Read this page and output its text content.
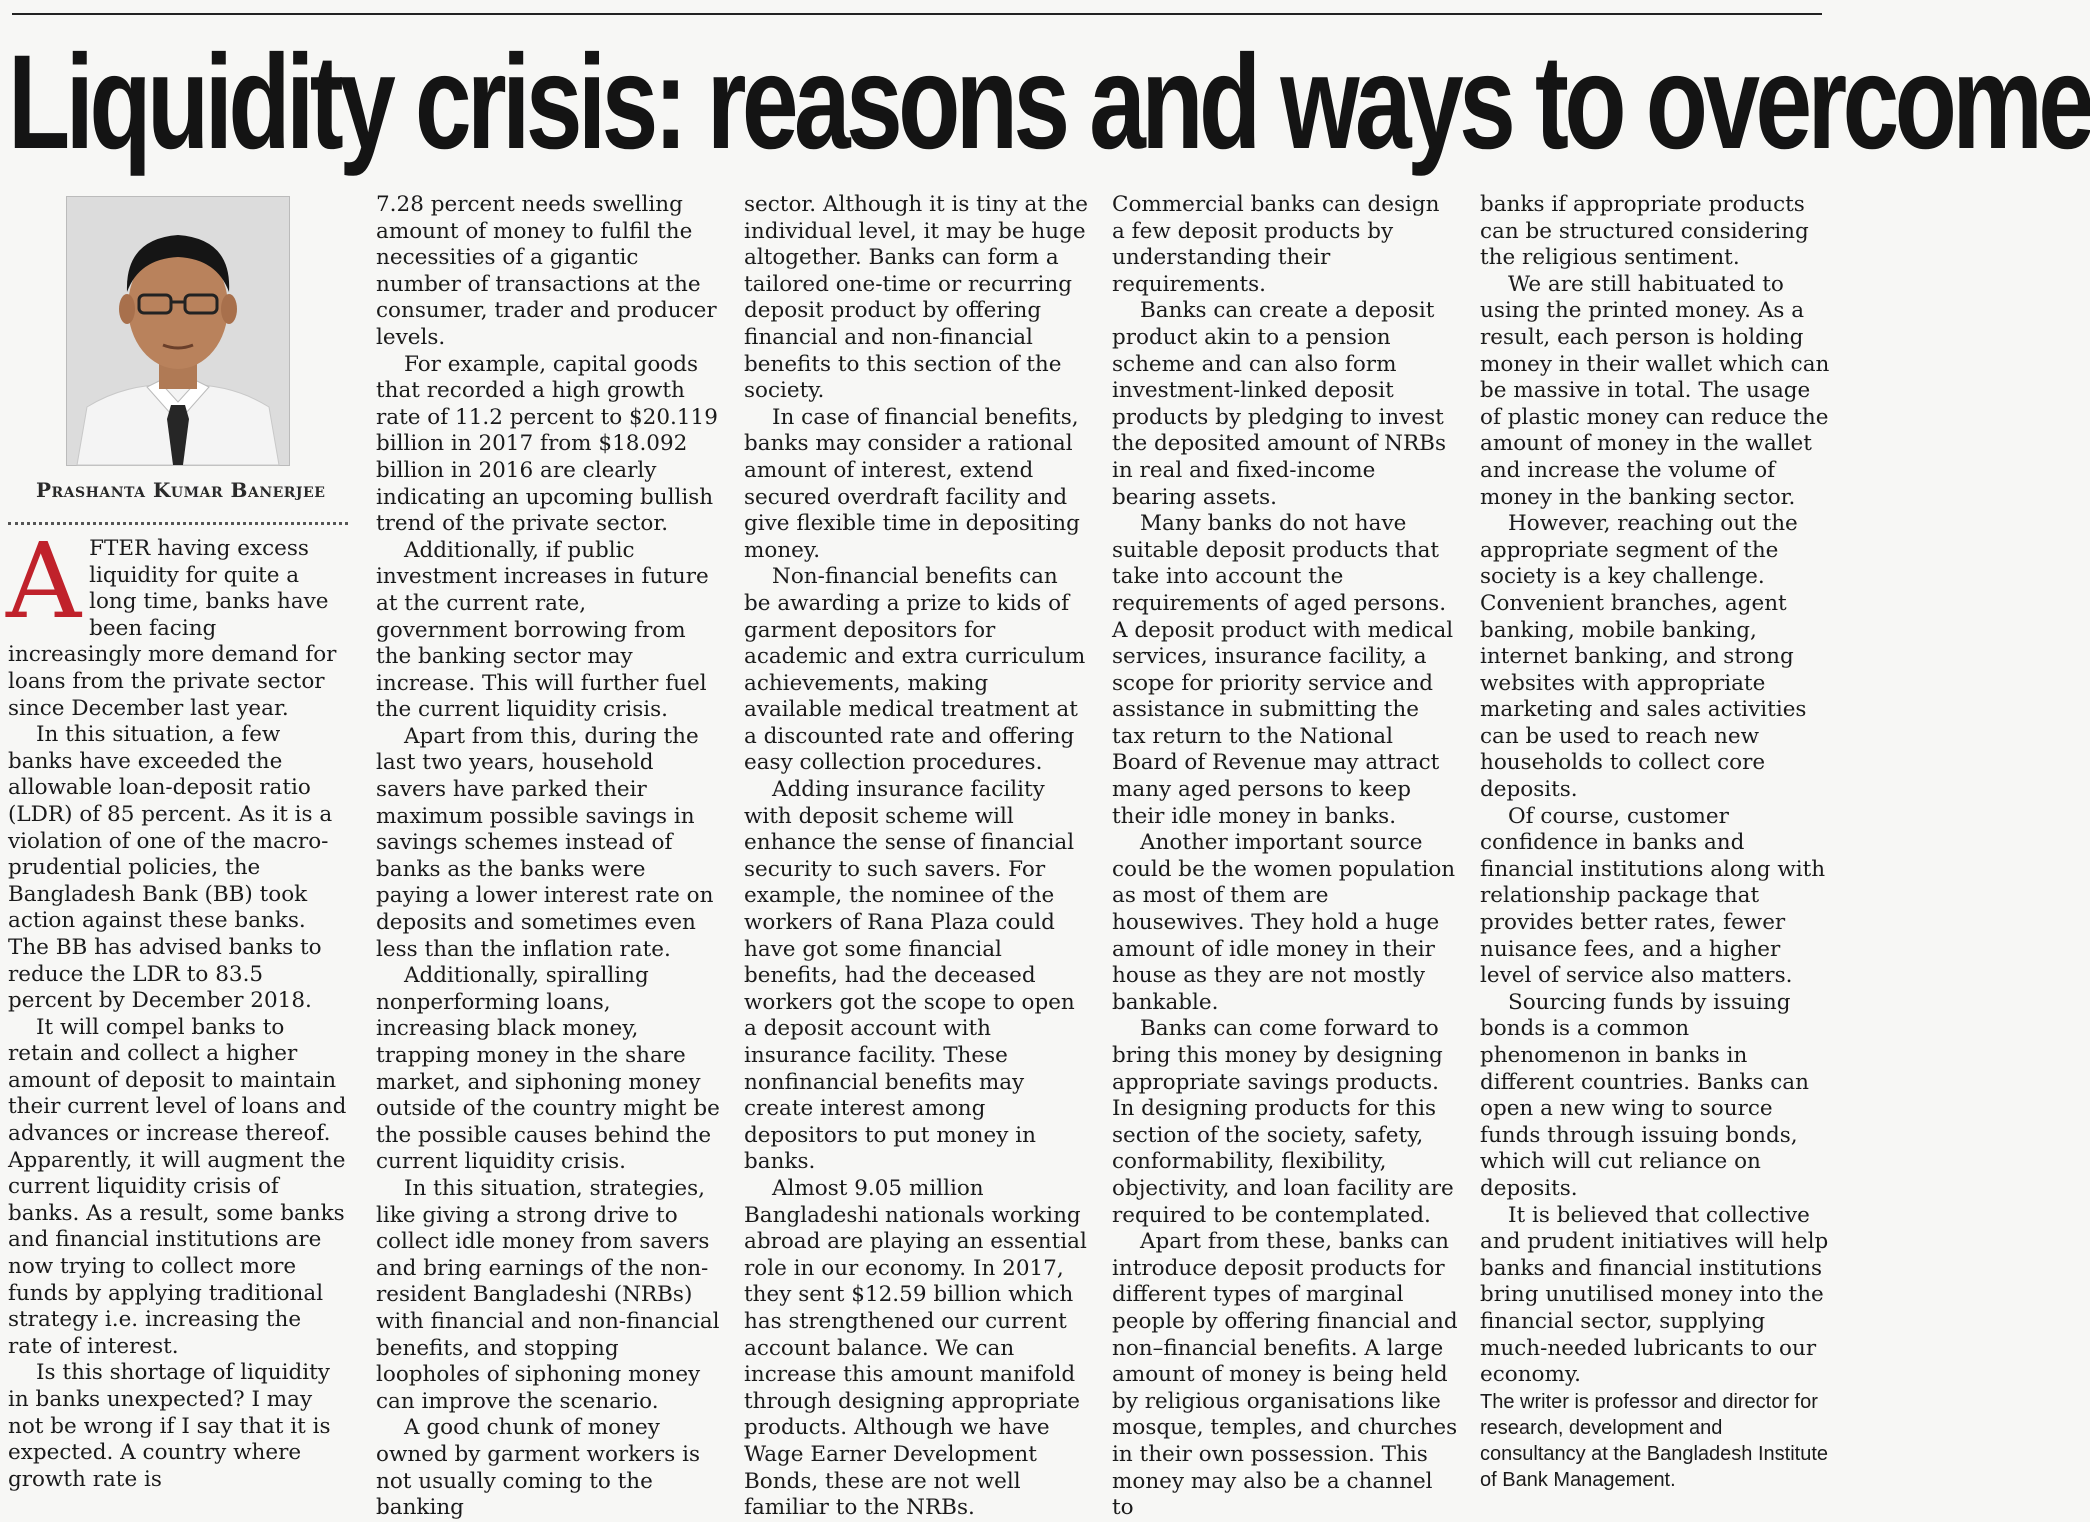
Liquidity crisis: reasons and ways to overcome
Prashanta Kumar Banerjee

AFTER having excess liquidity for quite a long time, banks have been facing increasingly more demand for loans from the private sector since December last year.

In this situation, a few banks have exceeded the allowable loan-deposit ratio (LDR) of 85 percent. As it is a violation of one of the macro-prudential policies, the Bangladesh Bank (BB) took action against these banks. The BB has advised banks to reduce the LDR to 83.5 percent by December 2018.

It will compel banks to retain and collect a higher amount of deposit to maintain their current level of loans and advances or increase thereof. Apparently, it will augment the current liquidity crisis of banks. As a result, some banks and financial institutions are now trying to collect more funds by applying traditional strategy i.e. increasing the rate of interest.

Is this shortage of liquidity in banks unexpected? I may not be wrong if I say that it is expected. A country where growth rate is

7.28 percent needs swelling amount of money to fulfil the necessities of a gigantic number of transactions at the consumer, trader and producer levels.

For example, capital goods that recorded a high growth rate of 11.2 percent to $20.119 billion in 2017 from $18.092 billion in 2016 are clearly indicating an upcoming bullish trend of the private sector.

Additionally, if public investment increases in future at the current rate, government borrowing from the banking sector may increase. This will further fuel the current liquidity crisis.

Apart from this, during the last two years, household savers have parked their maximum possible savings in savings schemes instead of banks as the banks were paying a lower interest rate on deposits and sometimes even less than the inflation rate.

Additionally, spiralling nonperforming loans, increasing black money, trapping money in the share market, and siphoning money outside of the country might be the possible causes behind the current liquidity crisis.

In this situation, strategies, like giving a strong drive to collect idle money from savers and bring earnings of the non-resident Bangladeshi (NRBs) with financial and non-financial benefits, and stopping loopholes of siphoning money can improve the scenario.

A good chunk of money owned by garment workers is not usually coming to the banking

sector. Although it is tiny at the individual level, it may be huge altogether. Banks can form a tailored one-time or recurring deposit product by offering financial and non-financial benefits to this section of the society.

In case of financial benefits, banks may consider a rational amount of interest, extend secured overdraft facility and give flexible time in depositing money.

Non-financial benefits can be awarding a prize to kids of garment depositors for academic and extra curriculum achievements, making available medical treatment at a discounted rate and offering easy collection procedures.

Adding insurance facility with deposit scheme will enhance the sense of financial security to such savers. For example, the nominee of the workers of Rana Plaza could have got some financial benefits, had the deceased workers got the scope to open a deposit account with insurance facility. These nonfinancial benefits may create interest among depositors to put money in banks.

Almost 9.05 million Bangladeshi nationals working abroad are playing an essential role in our economy. In 2017, they sent $12.59 billion which has strengthened our current account balance. We can increase this amount manifold through designing appropriate products. Although we have Wage Earner Development Bonds, these are not well familiar to the NRBs.

Commercial banks can design a few deposit products by understanding their requirements.

Banks can create a deposit product akin to a pension scheme and can also form investment-linked deposit products by pledging to invest the deposited amount of NRBs in real and fixed-income bearing assets.

Many banks do not have suitable deposit products that take into account the requirements of aged persons. A deposit product with medical services, insurance facility, a scope for priority service and assistance in submitting the tax return to the National Board of Revenue may attract many aged persons to keep their idle money in banks.

Another important source could be the women population as most of them are housewives. They hold a huge amount of idle money in their house as they are not mostly bankable.

Banks can come forward to bring this money by designing appropriate savings products. In designing products for this section of the society, safety, conformability, flexibility, objectivity, and loan facility are required to be contemplated.

Apart from these, banks can introduce deposit products for different types of marginal people by offering financial and non–financial benefits. A large amount of money is being held by religious organisations like mosque, temples, and churches in their own possession. This money may also be a channel to

banks if appropriate products can be structured considering the religious sentiment.

We are still habituated to using the printed money. As a result, each person is holding money in their wallet which can be massive in total. The usage of plastic money can reduce the amount of money in the wallet and increase the volume of money in the banking sector.

However, reaching out the appropriate segment of the society is a key challenge. Convenient branches, agent banking, mobile banking, internet banking, and strong websites with appropriate marketing and sales activities can be used to reach new households to collect core deposits.

Of course, customer confidence in banks and financial institutions along with relationship package that provides better rates, fewer nuisance fees, and a higher level of service also matters.

Sourcing funds by issuing bonds is a common phenomenon in banks in different countries. Banks can open a new wing to source funds through issuing bonds, which will cut reliance on deposits.

It is believed that collective and prudent initiatives will help banks and financial institutions bring unutilised money into the financial sector, supplying much-needed lubricants to our economy.

The writer is professor and director for research, development and consultancy at the Bangladesh Institute of Bank Management.
